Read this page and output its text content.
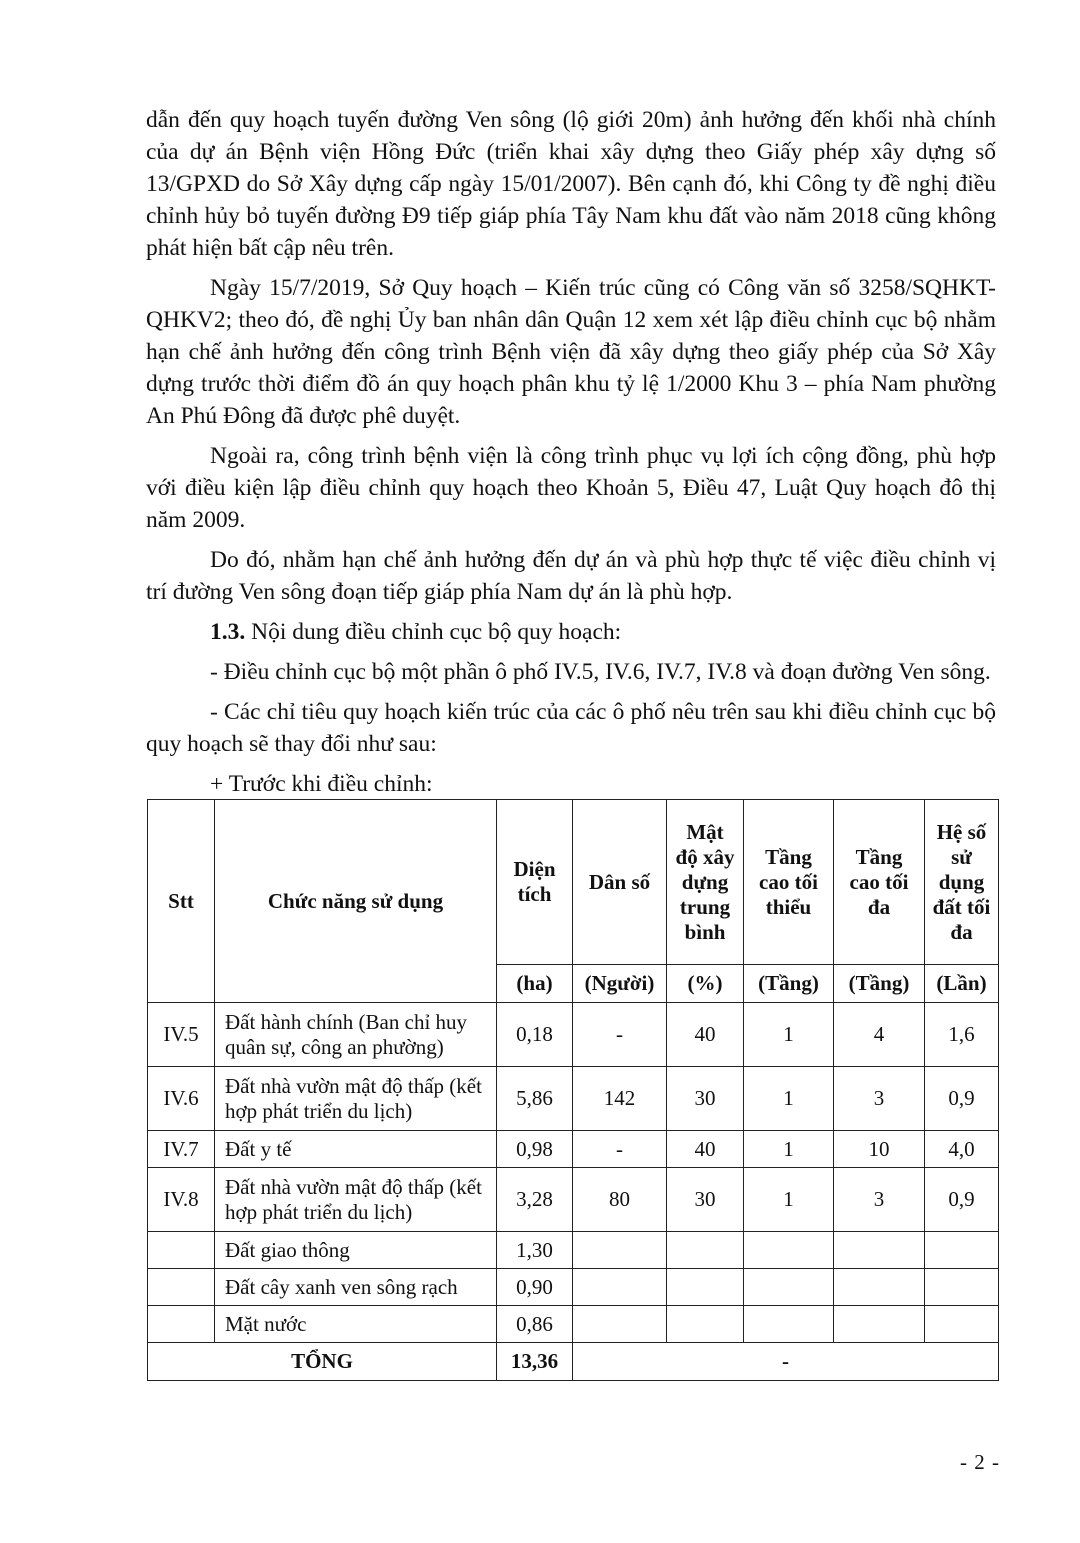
dẫn đến quy hoạch tuyến đường Ven sông (lộ giới 20m) ảnh hưởng đến khối nhà chính của dự án Bệnh viện Hồng Đức (triển khai xây dựng theo Giấy phép xây dựng số 13/GPXD do Sở Xây dựng cấp ngày 15/01/2007). Bên cạnh đó, khi Công ty đề nghị điều chỉnh hủy bỏ tuyến đường Đ9 tiếp giáp phía Tây Nam khu đất vào năm 2018 cũng không phát hiện bất cập nêu trên.

Ngày 15/7/2019, Sở Quy hoạch – Kiến trúc cũng có Công văn số 3258/SQHKT-QHKV2; theo đó, đề nghị Ủy ban nhân dân Quận 12 xem xét lập điều chỉnh cục bộ nhằm hạn chế ảnh hưởng đến công trình Bệnh viện đã xây dựng theo giấy phép của Sở Xây dựng trước thời điểm đồ án quy hoạch phân khu tỷ lệ 1/2000 Khu 3 – phía Nam phường An Phú Đông đã được phê duyệt.

Ngoài ra, công trình bệnh viện là công trình phục vụ lợi ích cộng đồng, phù hợp với điều kiện lập điều chỉnh quy hoạch theo Khoản 5, Điều 47, Luật Quy hoạch đô thị năm 2009.

Do đó, nhằm hạn chế ảnh hưởng đến dự án và phù hợp thực tế việc điều chỉnh vị trí đường Ven sông đoạn tiếp giáp phía Nam dự án là phù hợp.

1.3. Nội dung điều chỉnh cục bộ quy hoạch:

- Điều chỉnh cục bộ một phần ô phố IV.5, IV.6, IV.7, IV.8 và đoạn đường Ven sông.

- Các chỉ tiêu quy hoạch kiến trúc của các ô phố nêu trên sau khi điều chỉnh cục bộ quy hoạch sẽ thay đổi như sau:

+ Trước khi điều chỉnh:

Stt	Chức năng sử dụng	Diện tích	Dân số	Mật độ xây dựng trung bình	Tầng cao tối thiểu	Tầng cao tối đa	Hệ số sử dụng đất tối đa
		(ha)	(Người)	(%)	(Tầng)	(Tầng)	(Lần)
IV.5	Đất hành chính (Ban chỉ huy quân sự, công an phường)	0,18	-	40	1	4	1,6
IV.6	Đất nhà vườn mật độ thấp (kết hợp phát triển du lịch)	5,86	142	30	1	3	0,9
IV.7	Đất y tế	0,98	-	40	1	10	4,0
IV.8	Đất nhà vườn mật độ thấp (kết hợp phát triển du lịch)	3,28	80	30	1	3	0,9
	Đất giao thông	1,30					
	Đất cây xanh ven sông rạch	0,90					
	Mặt nước	0,86					
TỔNG		13,36	-				
- 2 -
